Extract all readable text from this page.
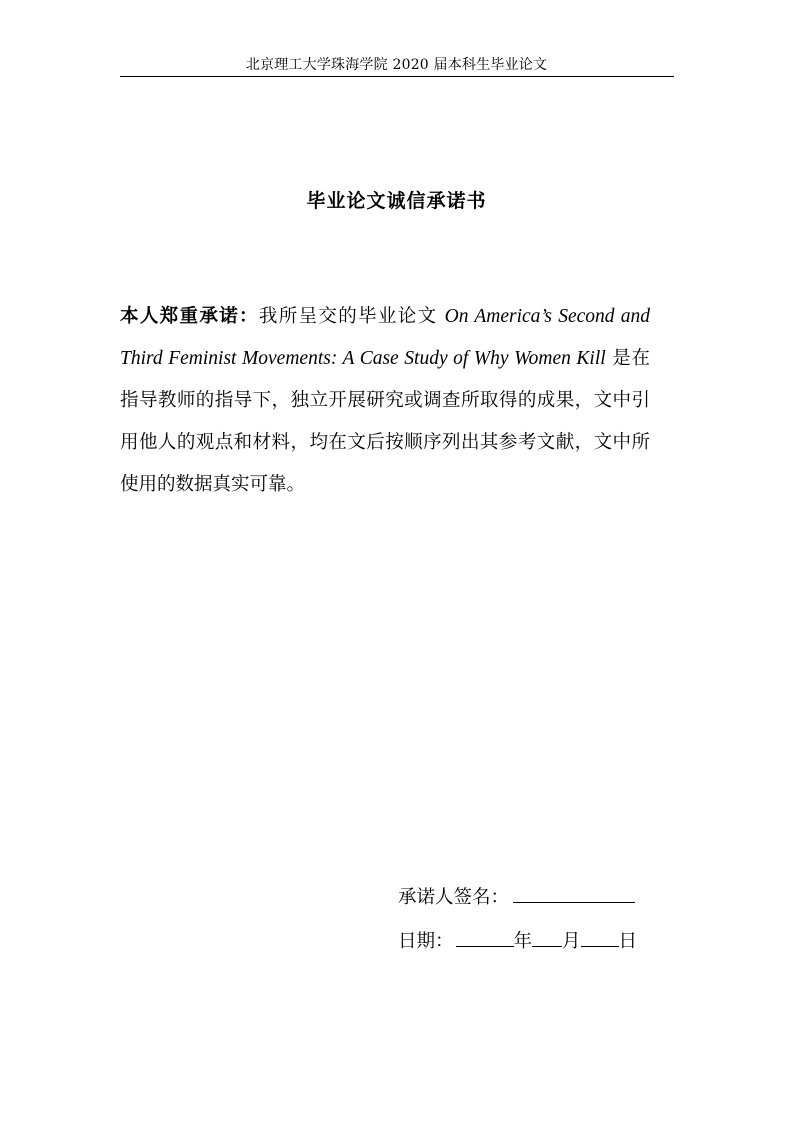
北京理工大学珠海学院 2020 届本科生毕业论文
毕业论文诚信承诺书
本人郑重承诺：我所呈交的毕业论文 On America’s Second and Third Feminist Movements: A Case Study of Why Women Kill 是在指导教师的指导下，独立开展研究或调查所取得的成果，文中引用他人的观点和材料，均在文后按顺序列出其参考文献，文中所使用的数据真实可靠。
承诺人签名：
日期：	年 月 日
